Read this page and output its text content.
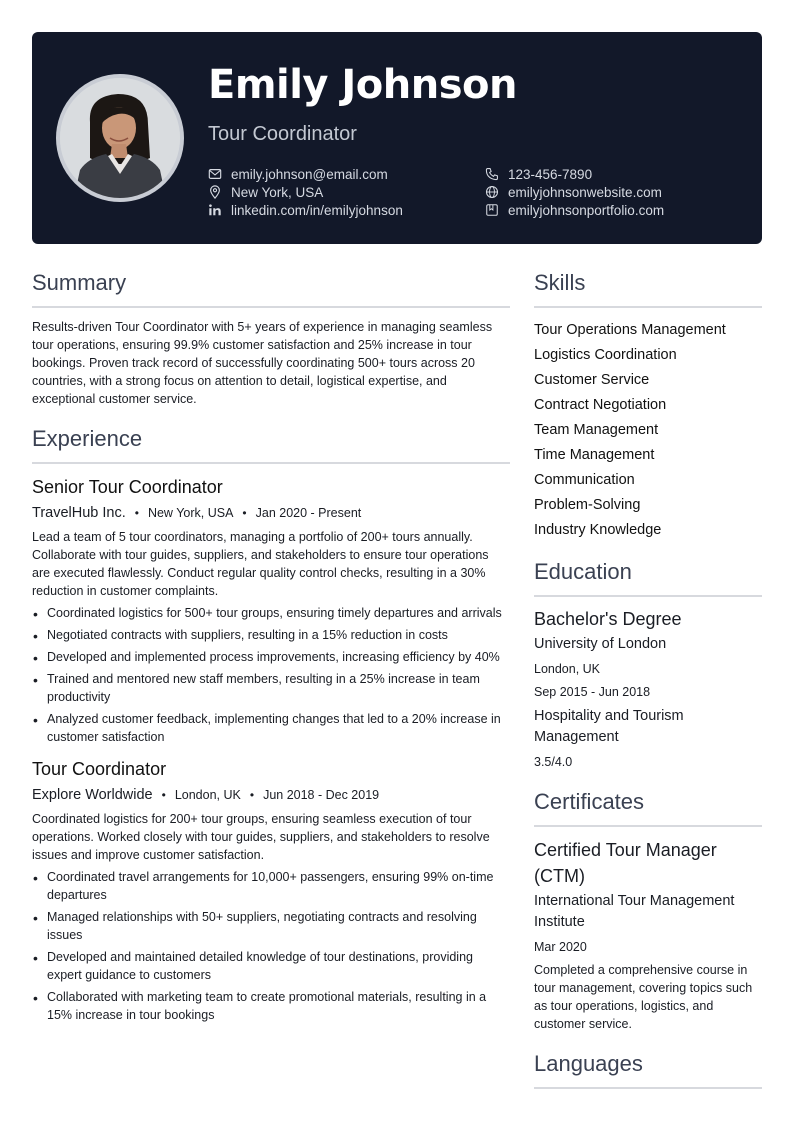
Emily Johnson
Tour Coordinator
emily.johnson@email.com
New York, USA
linkedin.com/in/emilyjohnson
123-456-7890
emilyjohnsonwebsite.com
emilyjohnsonportfolio.com
Summary

Results-driven Tour Coordinator with 5+ years of experience in managing seamless tour operations, ensuring 99.9% customer satisfaction and 25% increase in tour bookings. Proven track record of successfully coordinating 500+ tours across 20 countries, with a strong focus on attention to detail, logistical expertise, and exceptional customer service.

Experience
Senior Tour Coordinator
TravelHub Inc. • New York, USA • Jan 2020 - Present

Lead a team of 5 tour coordinators, managing a portfolio of 200+ tours annually. Collaborate with tour guides, suppliers, and stakeholders to ensure tour operations are executed flawlessly. Conduct regular quality control checks, resulting in a 30% reduction in customer complaints.

• Coordinated logistics for 500+ tour groups, ensuring timely departures and arrivals
• Negotiated contracts with suppliers, resulting in a 15% reduction in costs
• Developed and implemented process improvements, increasing efficiency by 40%
• Trained and mentored new staff members, resulting in a 25% increase in team productivity
• Analyzed customer feedback, implementing changes that led to a 20% increase in customer satisfaction
Tour Coordinator
Explore Worldwide • London, UK • Jun 2018 - Dec 2019

Coordinated logistics for 200+ tour groups, ensuring seamless execution of tour operations. Worked closely with tour guides, suppliers, and stakeholders to resolve issues and improve customer satisfaction.

• Coordinated travel arrangements for 10,000+ passengers, ensuring 99% on-time departures
• Managed relationships with 50+ suppliers, negotiating contracts and resolving issues
• Developed and maintained detailed knowledge of tour destinations, providing expert guidance to customers
• Collaborated with marketing team to create promotional materials, resulting in a 15% increase in tour bookings
Skills
Tour Operations Management
Logistics Coordination
Customer Service
Contract Negotiation
Team Management
Time Management
Communication
Problem-Solving
Industry Knowledge
Education
Bachelor's Degree
University of London
London, UK
Sep 2015 - Jun 2018
Hospitality and Tourism Management
3.5/4.0
Certificates
Certified Tour Manager (CTM)
International Tour Management Institute
Mar 2020
Completed a comprehensive course in tour management, covering topics such as tour operations, logistics, and customer service.
Languages
